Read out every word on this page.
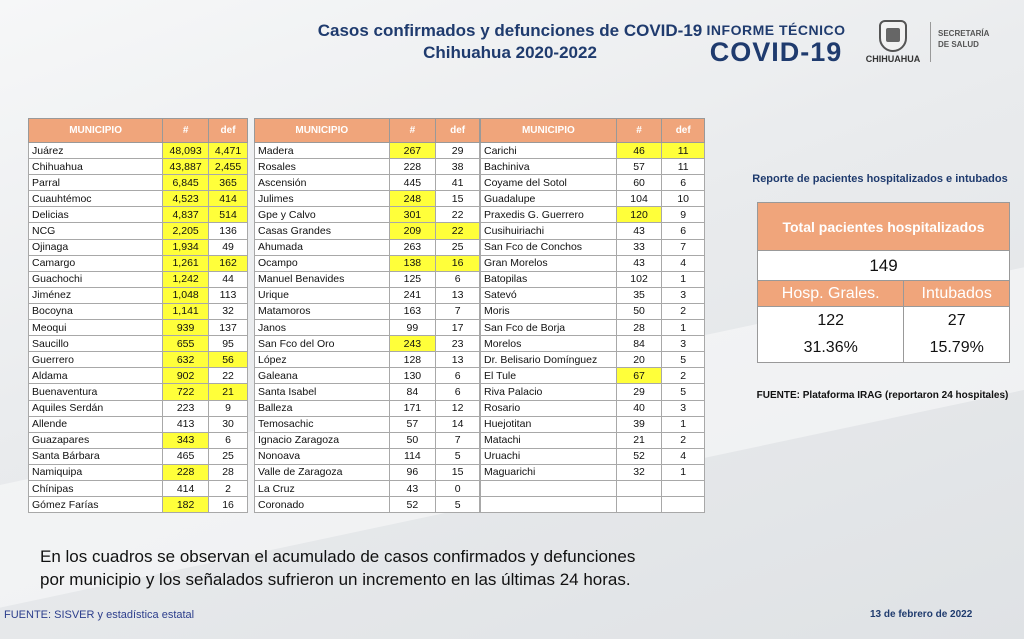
Casos confirmados y defunciones de COVID-19
Chihuahua 2020-2022
INFORME TÉCNICO
COVID-19	CHIHUAHUA
SECRETARÍA
DE SALUD
MUNICIPIO	#	def
Juárez	48,093	4,471
Chihuahua	43,887	2,455
Parral	6,845	365
Cuauhtémoc	4,523	414
Delicias	4,837	514
NCG	2,205	136
Ojinaga	1,934	49
Camargo	1,261	162
Guachochi	1,242	44
Jiménez	1,048	113
Bocoyna	1,141	32
Meoqui	939	137
Saucillo	655	95
Guerrero	632	56
Aldama	902	22
Buenaventura	722	21
Aquiles Serdán	223	9
Allende	413	30
Guazapares	343	6
Santa Bárbara	465	25
Namiquipa	228	28
Chínipas	414	2
Gómez Farías	182	16
MUNICIPIO	#	def
Madera	267	29
Rosales	228	38
Ascensión	445	41
Julimes	248	15
Gpe y Calvo	301	22
Casas Grandes	209	22
Ahumada	263	25
Ocampo	138	16
Manuel Benavides	125	6
Urique	241	13
Matamoros	163	7
Janos	99	17
San Fco del Oro	243	23
López	128	13
Galeana	130	6
Santa Isabel	84	6
Balleza	171	12
Temosachic	57	14
Ignacio Zaragoza	50	7
Nonoava	114	5
Valle de Zaragoza	96	15
La Cruz	43	0
Coronado	52	5
MUNICIPIO	#	def
Carichi	46	11
Bachiniva	57	11
Coyame del Sotol	60	6
Guadalupe	104	10
Praxedis G. Guerrero	120	9
Cusihuiriachi	43	6
San Fco de Conchos	33	7
Gran Morelos	43	4
Batopilas	102	1
Satevó	35	3
Moris	50	2
San Fco de Borja	28	1
Morelos	84	3
Dr. Belisario Domínguez	20	5
El Tule	67	2
Riva Palacio	29	5
Rosario	40	3
Huejotitan	39	1
Matachi	21	2
Uruachi	52	4
Maguarichi	32	1

Reporte de pacientes hospitalizados e intubados
Total pacientes hospitalizados	
149	
Hosp. Grales.	Intubados
122	27
31.36%	15.79%
FUENTE: Plataforma IRAG (reportaron 24 hospitales)
En los cuadros se observan el acumulado de casos confirmados y defunciones
por municipio y los señalados sufrieron un incremento en las últimas 24 horas.
FUENTE: SISVER y estadística estatal	13 de febrero de 2022
